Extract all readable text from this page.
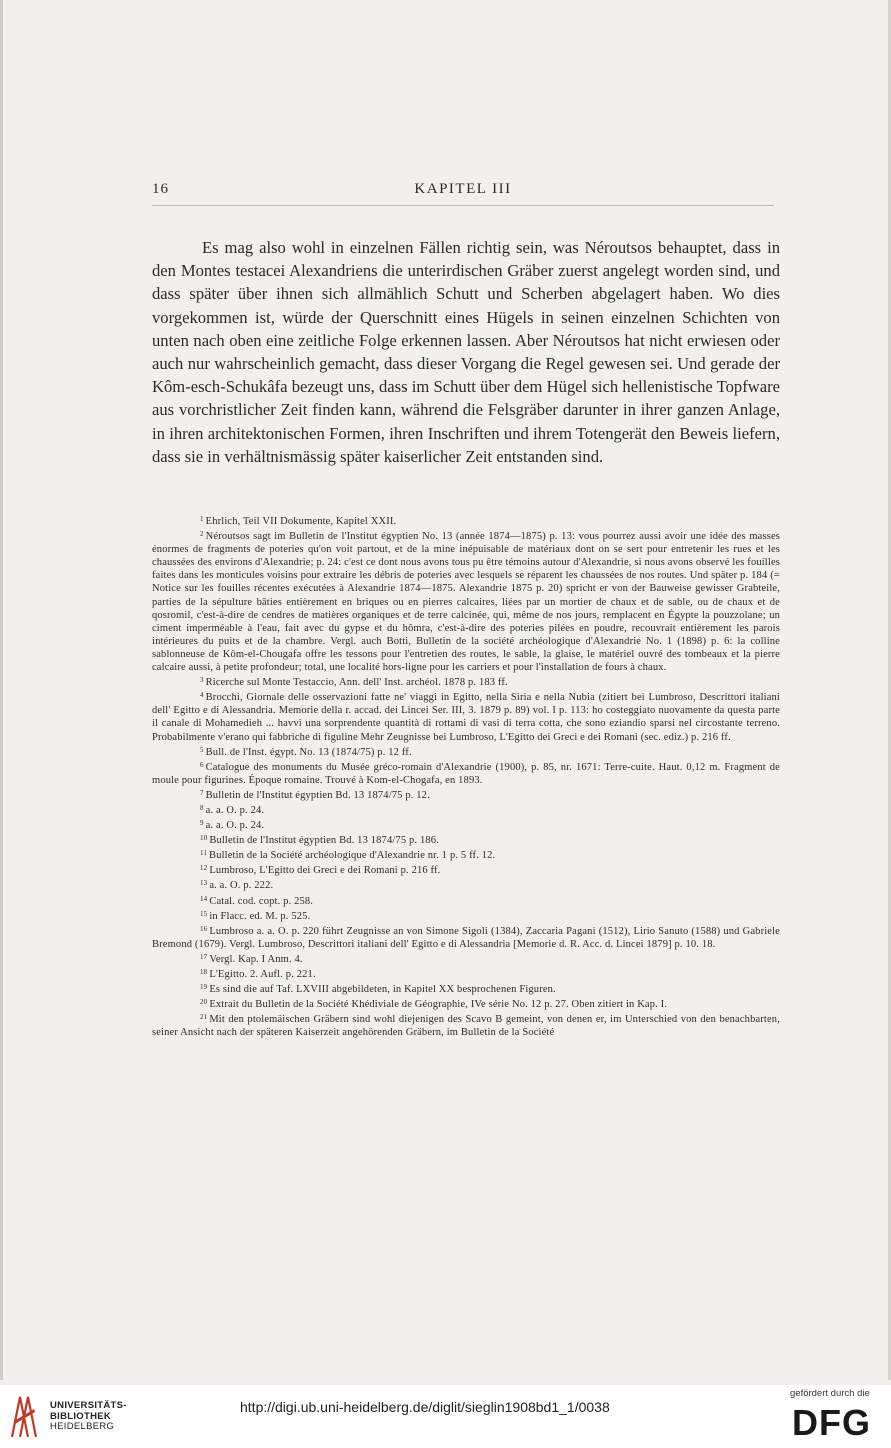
16	KAPITEL III

Es mag also wohl in einzelnen Fällen richtig sein, was Néroutsos behauptet, dass in den Montes testacei Alexandriens die unterirdischen Gräber zuerst angelegt worden sind, und dass später über ihnen sich allmählich Schutt und Scherben abgelagert haben. Wo dies vorgekommen ist, würde der Querschnitt eines Hügels in seinen einzelnen Schichten von unten nach oben eine zeitliche Folge erkennen lassen. Aber Néroutsos hat nicht erwiesen oder auch nur wahrscheinlich gemacht, dass dieser Vorgang die Regel gewesen sei. Und gerade der Kôm-esch-Schukâfa bezeugt uns, dass im Schutt über dem Hügel sich hellenistische Topfware aus vorchristlicher Zeit finden kann, während die Felsgräber darunter in ihrer ganzen Anlage, in ihren architektonischen Formen, ihren Inschriften und ihrem Totengerät den Beweis liefern, dass sie in verhältnismässig später kaiserlicher Zeit entstanden sind.

$^1$ Ehrlich, Teil VII Dokumente, Kapitel XXII.

$^2$ Néroutsos sagt im Bulletin de l'Institut égyptien No. 13 (année 1874—1875) p. 13: vous pourrez aussi avoir une idée des masses énormes de fragments de poteries qu'on voit partout, et de la mine inépuisable de matériaux dont on se sert pour entretenir les rues et les chaussées des environs d'Alexandrie; p. 24: c'est ce dont nous avons tous pu être témoins autour d'Alexandrie, si nous avons observé les fouilles faites dans les monticules voisins pour extraire les débris de poteries avec lesquels se réparent les chaussées de nos routes. Und später p. 184 (= Notice sur les fouilles récentes exécutées à Alexandrie 1874—1875. Alexandrie 1875 p. 20) spricht er von der Bauweise gewisser Grabteile, parties de la sépulture bâties entièrement en briques ou en pierres calcaires, liées par un mortier de chaux et de sable, ou de chaux et de qosromil, c'est-à-dire de cendres de matières organiques et de terre calcinée, qui, même de nos jours, remplacent en Égypte la pouzzolane; un ciment imperméable à l'eau, fait avec du gypse et du hômra, c'est-à-dire des poteries pilées en poudre, recouvrait entièrement les parois intérieures du puits et de la chambre. Vergl. auch Botti, Bulletin de la société archéologique d'Alexandrie No. 1 (1898) p. 6: la colline sablonneuse de Kôm-el-Chougafa offre les tessons pour l'entretien des routes, le sable, la glaise, le matériel ouvré des tombeaux et la pierre calcaire aussi, à petite profondeur; total, une localité hors-ligne pour les carriers et pour l'installation de fours à chaux.

$^3$ Ricerche sul Monte Testaccio, Ann. dell' Inst. archéol. 1878 p. 183 ff.

$^4$ Brocchi, Giornale delle osservazioni fatte ne' viaggi in Egitto, nella Siria e nella Nubia (zitiert bei Lumbroso, Descrittori italiani dell' Egitto e di Alessandria. Memorie della r. accad. dei Lincei Ser. III, 3. 1879 p. 89) vol. I p. 113: ho costeggiato nuovamente da questa parte il canale di Mohamedieh ... havvi una sorprendente quantità di rottami di vasi di terra cotta, che sono eziandio sparsi nel circostante terreno. Probabilmente v'erano qui fabbriche di figuline Mehr Zeugnisse bei Lumbroso, L'Egitto dei Greci e dei Romani (sec. ediz.) p. 216 ff.

$^5$ Bull. de l'Inst. égypt. No. 13 (1874/75) p. 12 ff.

$^6$ Catalogue des monuments du Musée gréco-romain d'Alexandrie (1900), p. 85, nr. 1671: Terre-cuite. Haut. 0,12 m. Fragment de moule pour figurines. Époque romaine. Trouvé à Kom-el-Chogafa, en 1893.

$^7$ Bulletin de l'Institut égyptien Bd. 13 1874/75 p. 12.

$^8$ a. a. O. p. 24.

$^9$ a. a. O. p. 24.

$^{10}$ Bulletin de l'Institut égyptien Bd. 13 1874/75 p. 186.

$^{11}$ Bulletin de la Société archéologique d'Alexandrie nr. 1 p. 5 ff. 12.

$^{12}$ Lumbroso, L'Egitto dei Greci e dei Romani p. 216 ff.

$^{13}$ a. a. O. p. 222.

$^{14}$ Catal. cod. copt. p. 258.

$^{15}$ in Flacc. ed. M. p. 525.

$^{16}$ Lumbroso a. a. O. p. 220 führt Zeugnisse an von Simone Sigoli (1384), Zaccaria Pagani (1512), Lirio Sanuto (1588) und Gabriele Bremond (1679). Vergl. Lumbroso, Descrittori italiani dell' Egitto e di Alessandria [Memorie d. R. Acc. d. Lincei 1879] p. 10. 18.

$^{17}$ Vergl. Kap. I Anm. 4.

$^{18}$ L'Egitto. 2. Aufl. p. 221.

$^{19}$ Es sind die auf Taf. LXVIII abgebildeten, in Kapitel XX besprochenen Figuren.

$^{20}$ Extrait du Bulletin de la Société Khédiviale de Géographie, IVe série No. 12 p. 27. Oben zitiert in Kap. I.

$^{21}$ Mit den ptolemäischen Gräbern sind wohl diejenigen des Scavo B gemeint, von denen er, im Unterschied von den benachbarten, seiner Ansicht nach der späteren Kaiserzeit angehörenden Gräbern, im Bulletin de la Société

UNIVERSITÄTS-
BIBLIOTHEK
HEIDELBERG
http://digi.ub.uni-heidelberg.de/diglit/sieglin1908bd1_1/0038
gefördert durch die
DFG
